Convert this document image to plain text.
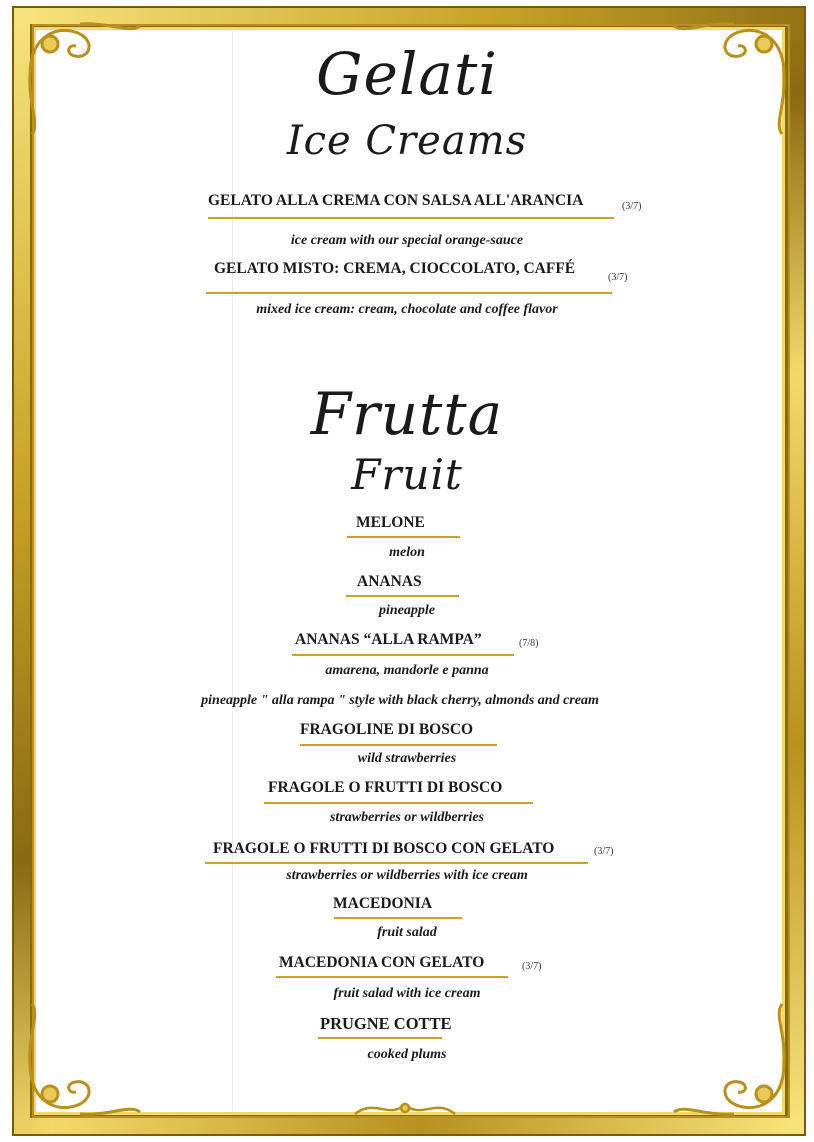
Gelati
Ice Creams
Frutta
Fruit
GELATO ALLA CREMA CON SALSA ALL'ARANCIA	(3/7)
ice cream with our special orange-sauce
GELATO MISTO: CREMA, CIOCCOLATO, CAFFÉ
(3/7)
mixed ice cream: cream, chocolate and coffee flavor
MELONE
melon
ANANAS
pineapple
ANANAS “ALLA RAMPA”	(7/8)
amarena, mandorle e panna
pineapple " alla rampa " style with black cherry, almonds and cream
FRAGOLINE DI BOSCO
wild strawberries
FRAGOLE O FRUTTI DI BOSCO
strawberries or wildberries
FRAGOLE O FRUTTI DI BOSCO CON GELATO	(3/7)
strawberries or wildberries with ice cream
MACEDONIA
fruit salad
MACEDONIA CON GELATO	(3/7)
fruit salad with ice cream
PRUGNE COTTE
cooked plums
